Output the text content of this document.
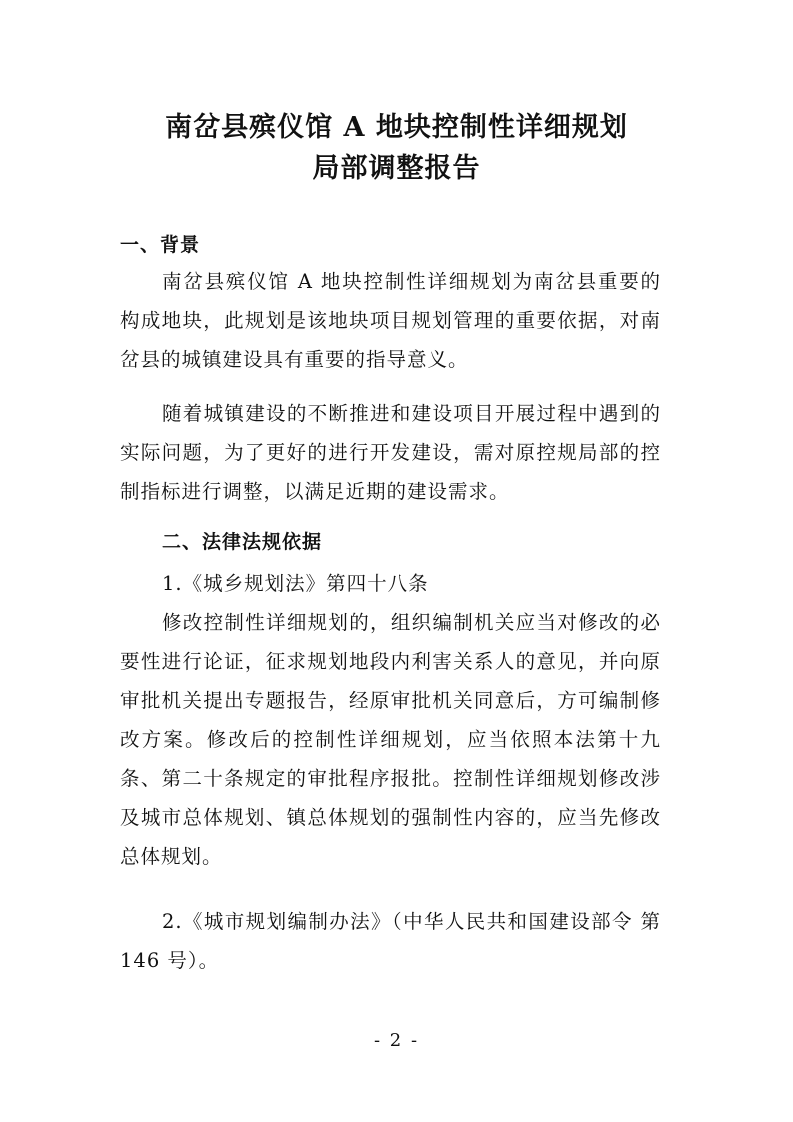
南岔县殡仪馆 A 地块控制性详细规划
局部调整报告
一、背景

南岔县殡仪馆 A 地块控制性详细规划为南岔县重要的构成地块，此规划是该地块项目规划管理的重要依据，对南岔县的城镇建设具有重要的指导意义。

随着城镇建设的不断推进和建设项目开展过程中遇到的实际问题，为了更好的进行开发建设，需对原控规局部的控制指标进行调整，以满足近期的建设需求。

二、法律法规依据

1.《城乡规划法》第四十八条

修改控制性详细规划的，组织编制机关应当对修改的必要性进行论证，征求规划地段内利害关系人的意见，并向原审批机关提出专题报告，经原审批机关同意后，方可编制修改方案。修改后的控制性详细规划，应当依照本法第十九条、第二十条规定的审批程序报批。控制性详细规划修改涉及城市总体规划、镇总体规划的强制性内容的，应当先修改总体规划。

2.《城市规划编制办法》（中华人民共和国建设部令 第 146 号）。

- 2 -
